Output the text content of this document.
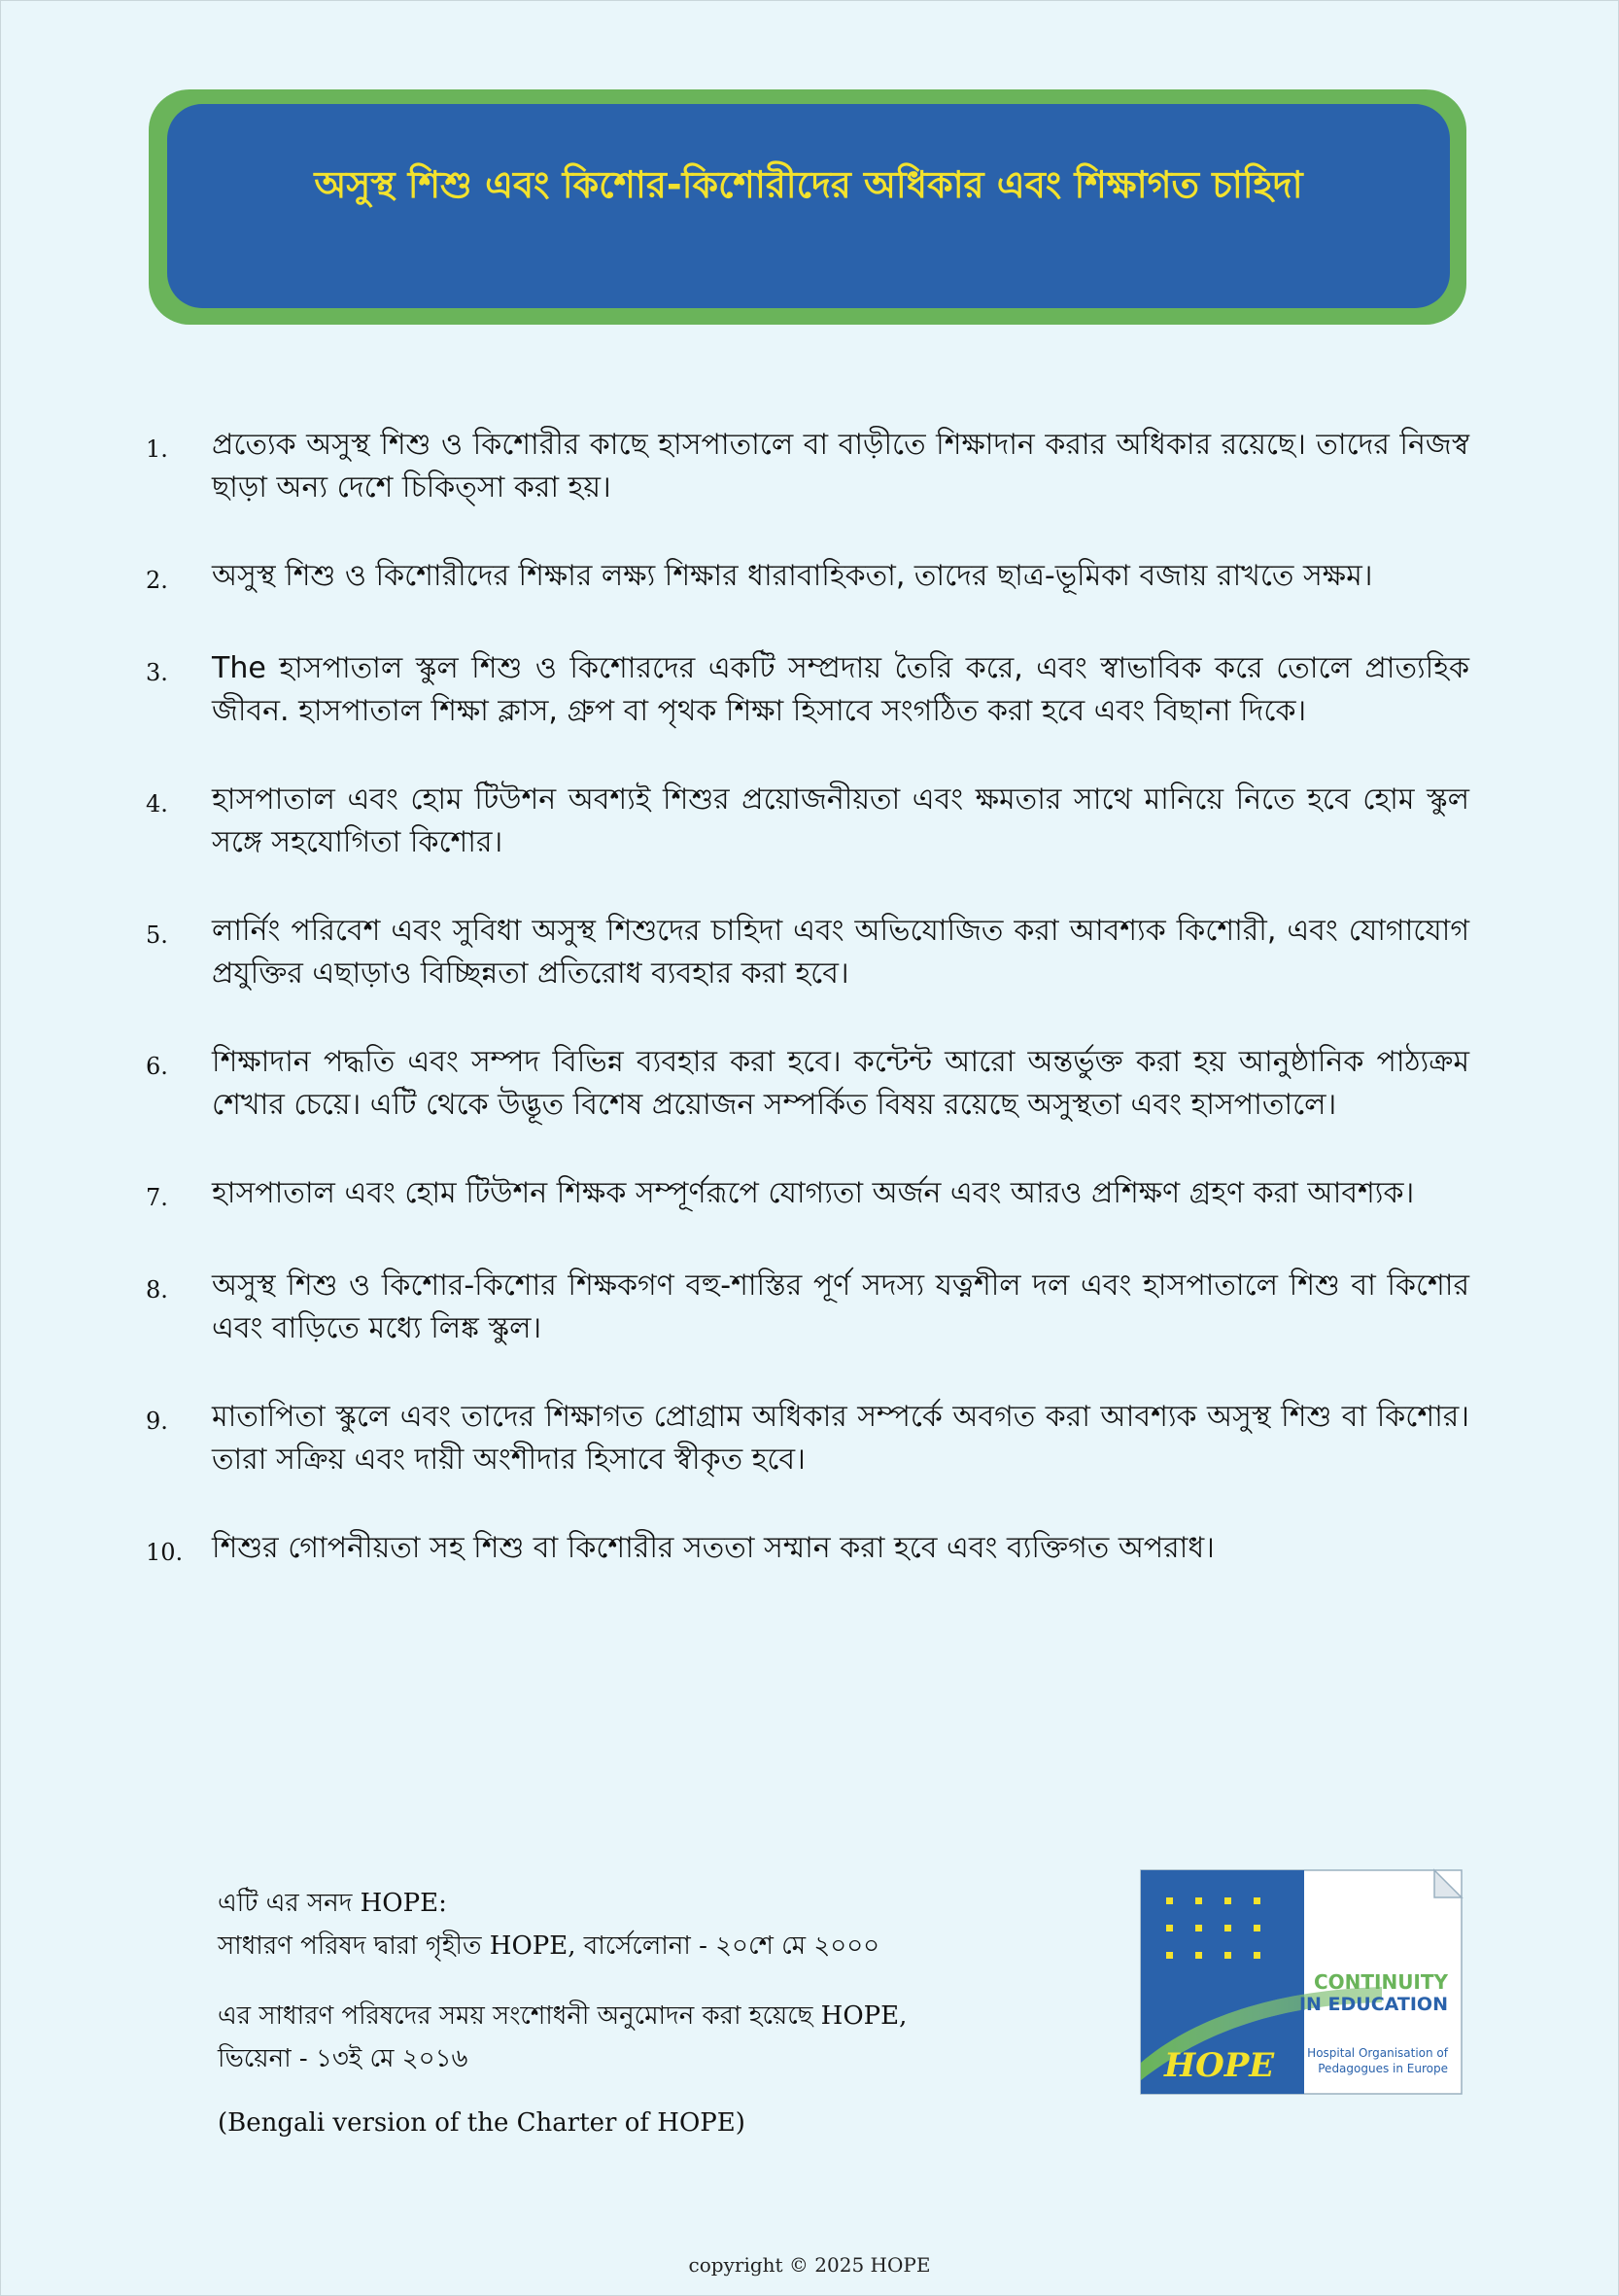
অসুস্থ শিশু এবং কিশোর-কিশোরীদের অধিকার এবং শিক্ষাগত চাহিদা
1.	প্রত্যেক অসুস্থ শিশু ও কিশোরীর কাছে হাসপাতালে বা বাড়ীতে শিক্ষাদান করার অধিকার রয়েছে। তাদের নিজস্ব ছাড়া অন্য দেশে চিকিত্সা করা হয়।
2.	অসুস্থ শিশু ও কিশোরীদের শিক্ষার লক্ষ্য শিক্ষার ধারাবাহিকতা, তাদের ছাত্র-ভূমিকা বজায় রাখতে সক্ষম।
3.	The হাসপাতাল স্কুল শিশু ও কিশোরদের একটি সম্প্রদায় তৈরি করে, এবং স্বাভাবিক করে তোলে প্রাত্যহিক জীবন. হাসপাতাল শিক্ষা ক্লাস, গ্রুপ বা পৃথক শিক্ষা হিসাবে সংগঠিত করা হবে এবং বিছানা দিকে।
4.	হাসপাতাল এবং হোম টিউশন অবশ্যই শিশুর প্রয়োজনীয়তা এবং ক্ষমতার সাথে মানিয়ে নিতে হবে হোম স্কুল সঙ্গে সহযোগিতা কিশোর।
5.	লার্নিং পরিবেশ এবং সুবিধা অসুস্থ শিশুদের চাহিদা এবং অভিযোজিত করা আবশ্যক কিশোরী, এবং যোগাযোগ প্রযুক্তির এছাড়াও বিচ্ছিন্নতা প্রতিরোধ ব্যবহার করা হবে।
6.	শিক্ষাদান পদ্ধতি এবং সম্পদ বিভিন্ন ব্যবহার করা হবে। কন্টেন্ট আরো অন্তর্ভুক্ত করা হয় আনুষ্ঠানিক পাঠ্যক্রম শেখার চেয়ে। এটি থেকে উদ্ভূত বিশেষ প্রয়োজন সম্পর্কিত বিষয় রয়েছে অসুস্থতা এবং হাসপাতালে।
7.	হাসপাতাল এবং হোম টিউশন শিক্ষক সম্পূর্ণরূপে যোগ্যতা অর্জন এবং আরও প্রশিক্ষণ গ্রহণ করা আবশ্যক।
8.	অসুস্থ শিশু ও কিশোর-কিশোর শিক্ষকগণ বহু-শাস্তির পূর্ণ সদস্য যত্নশীল দল এবং হাসপাতালে শিশু বা কিশোর এবং বাড়িতে মধ্যে লিঙ্ক স্কুল।
9.	মাতাপিতা স্কুলে এবং তাদের শিক্ষাগত প্রোগ্রাম অধিকার সম্পর্কে অবগত করা আবশ্যক অসুস্থ শিশু বা কিশোর। তারা সক্রিয় এবং দায়ী অংশীদার হিসাবে স্বীকৃত হবে।
10. শিশুর গোপনীয়তা সহ শিশু বা কিশোরীর সততা সম্মান করা হবে এবং ব্যক্তিগত অপরাধ।

এটি এর সনদ HOPE:

সাধারণ পরিষদ দ্বারা গৃহীত HOPE, বার্সেলোনা - ২০শে মে ২০০০

এর সাধারণ পরিষদের সময় সংশোধনী অনুমোদন করা হয়েছে HOPE,

ভিয়েনা - ১৩ই মে ২০১৬

(Bengali version of the Charter of HOPE)

HOPE
CONTINUITY
IN EDUCATION
Hospital Organisation of
Pedagogues in Europe
copyright © 2025 HOPE
